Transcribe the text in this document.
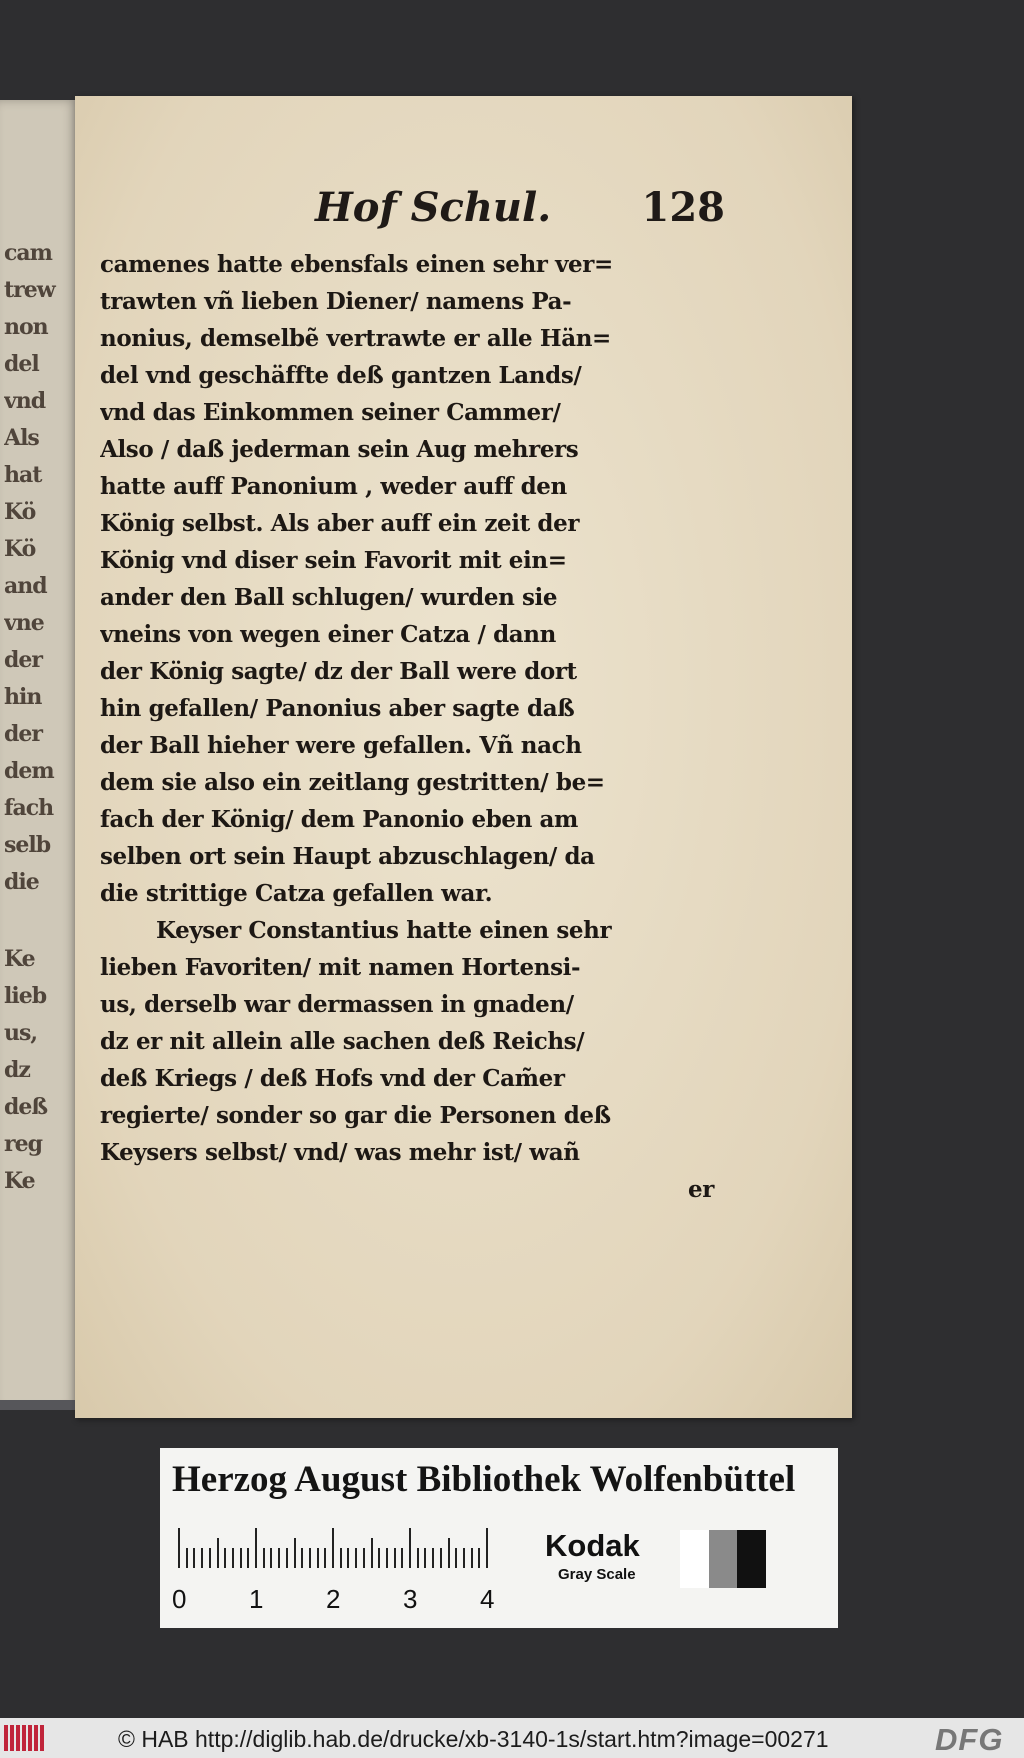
cam
trew
non
del
vnd
Als
hat
Kö
Kö
and
vne
der
hin
der
dem
fach
selb
die
Ke
lieb
us,
dz
deß
reg
Ke
Hof Schul. 128
camenes hatte ebensfals einen sehr ver=
trawten vñ lieben Diener/ namens Pa-
nonius, demselbẽ vertrawte er alle Hän=
del vnd geschäffte deß gantzen Lands/
vnd das Einkommen seiner Cammer/
Also / daß jederman sein Aug mehrers
hatte auff Panonium , weder auff den
König selbst. Als aber auff ein zeit der
König vnd diser sein Favorit mit ein=
ander den Ball schlugen/ wurden sie
vneins von wegen einer Catza / dann
der König sagte/ dz der Ball were dort
hin gefallen/ Panonius aber sagte daß
der Ball hieher were gefallen. Vñ nach
dem sie also ein zeitlang gestritten/ be=
fach der König/ dem Panonio eben am
selben ort sein Haupt abzuschlagen/ da
die strittige Catza gefallen war.
Keyser Constantius hatte einen sehr
lieben Favoriten/ mit namen Hortensi-
us, derselb war dermassen in gnaden/
dz er nit allein alle sachen deß Reichs/
deß Kriegs / deß Hofs vnd der Cam̃er
regierte/ sonder so gar die Personen deß
Keysers selbst/ vnd/ was mehr ist/ wañ
er
Herzog August Bibliothek Wolfenbüttel
0 1 2 3 4
Kodak
Gray Scale
© HAB http://diglib.hab.de/drucke/xb-3140-1s/start.htm?image=00271	DFG
